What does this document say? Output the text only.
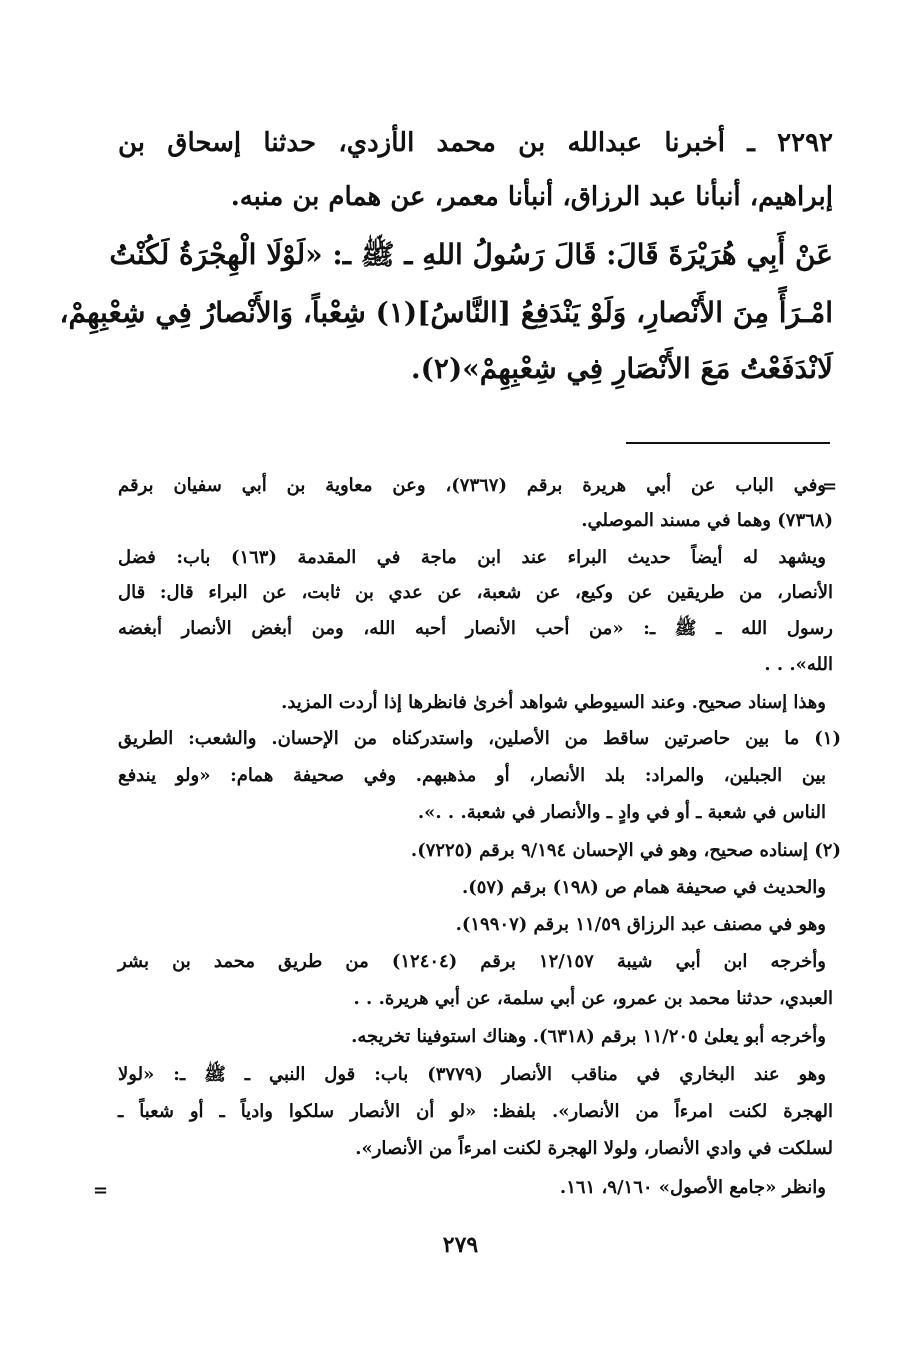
٢٢٩٢ ـ أخبرنا عبدالله بن محمد الأزدي، حدثنا إسحاق بن
إبراهيم، أنبأنا عبد الرزاق، أنبأنا معمر، عن همام بن منبه.
عَنْ أَبِي هُرَيْرَةَ قَالَ: قَالَ رَسُولُ اللهِ ـ ﷺ ـ: «لَوْلَا الْهِجْرَةُ لَكُنْتُ
امْـرَأً مِنَ الأَنْصارِ، وَلَوْ يَنْدَفِعُ [النَّاسُ](١) شِعْباً، وَالأَنْصارُ فِي شِعْبِهِمْ،
لَانْدَفَعْتُ مَعَ الأَنْصَارِ فِي شِعْبِهِمْ»(٢).
=
وفي الباب عن أبي هريرة برقم (٧٣٦٧)، وعن معاوية بن أبي سفيان برقم
(٧٣٦٨) وهما في مسند الموصلي.
ويشهد له أيضاً حديث البراء عند ابن ماجة في المقدمة (١٦٣) باب: فضل
الأنصار، من طريقين عن وكيع، عن شعبة، عن عدي بن ثابت، عن البراء قال: قال
رسول الله ـ ﷺ ـ: «من أحب الأنصار أحبه الله، ومن أبغض الأنصار أبغضه
الله». . .
وهذا إسناد صحيح. وعند السيوطي شواهد أخرىٰ فانظرها إذا أردت المزيد.
(١) ما بين حاصرتين ساقط من الأصلين، واستدركناه من الإحسان. والشعب: الطريق
بين الجبلين، والمراد: بلد الأنصار، أو مذهبهم. وفي صحيفة همام: «ولو يندفع
الناس في شعبة ـ أو في وادٍ ـ والأنصار في شعبة. . .».
(٢) إسناده صحيح، وهو في الإحسان ٩/١٩٤ برقم (٧٢٢٥).
والحديث في صحيفة همام ص (١٩٨) برقم (٥٧).
وهو في مصنف عبد الرزاق ١١/٥٩ برقم (١٩٩٠٧).
وأخرجه ابن أبي شيبة ١٢/١٥٧ برقم (١٢٤٠٤) من طريق محمد بن بشر
العبدي، حدثنا محمد بن عمرو، عن أبي سلمة، عن أبي هريرة. . .
وأخرجه أبو يعلىٰ ١١/٢٠٥ برقم (٦٣١٨). وهناك استوفينا تخريجه.
وهو عند البخاري في مناقب الأنصار (٣٧٧٩) باب: قول النبي ـ ﷺ ـ: «لولا
الهجرة لكنت امرءاً من الأنصار». بلفظ: «لو أن الأنصار سلكوا وادياً ـ أو شعباً ـ
لسلكت في وادي الأنصار، ولولا الهجرة لكنت امرءاً من الأنصار».
وانظر «جامع الأصول» ٩/١٦٠، ١٦١.
=
٢٧٩
